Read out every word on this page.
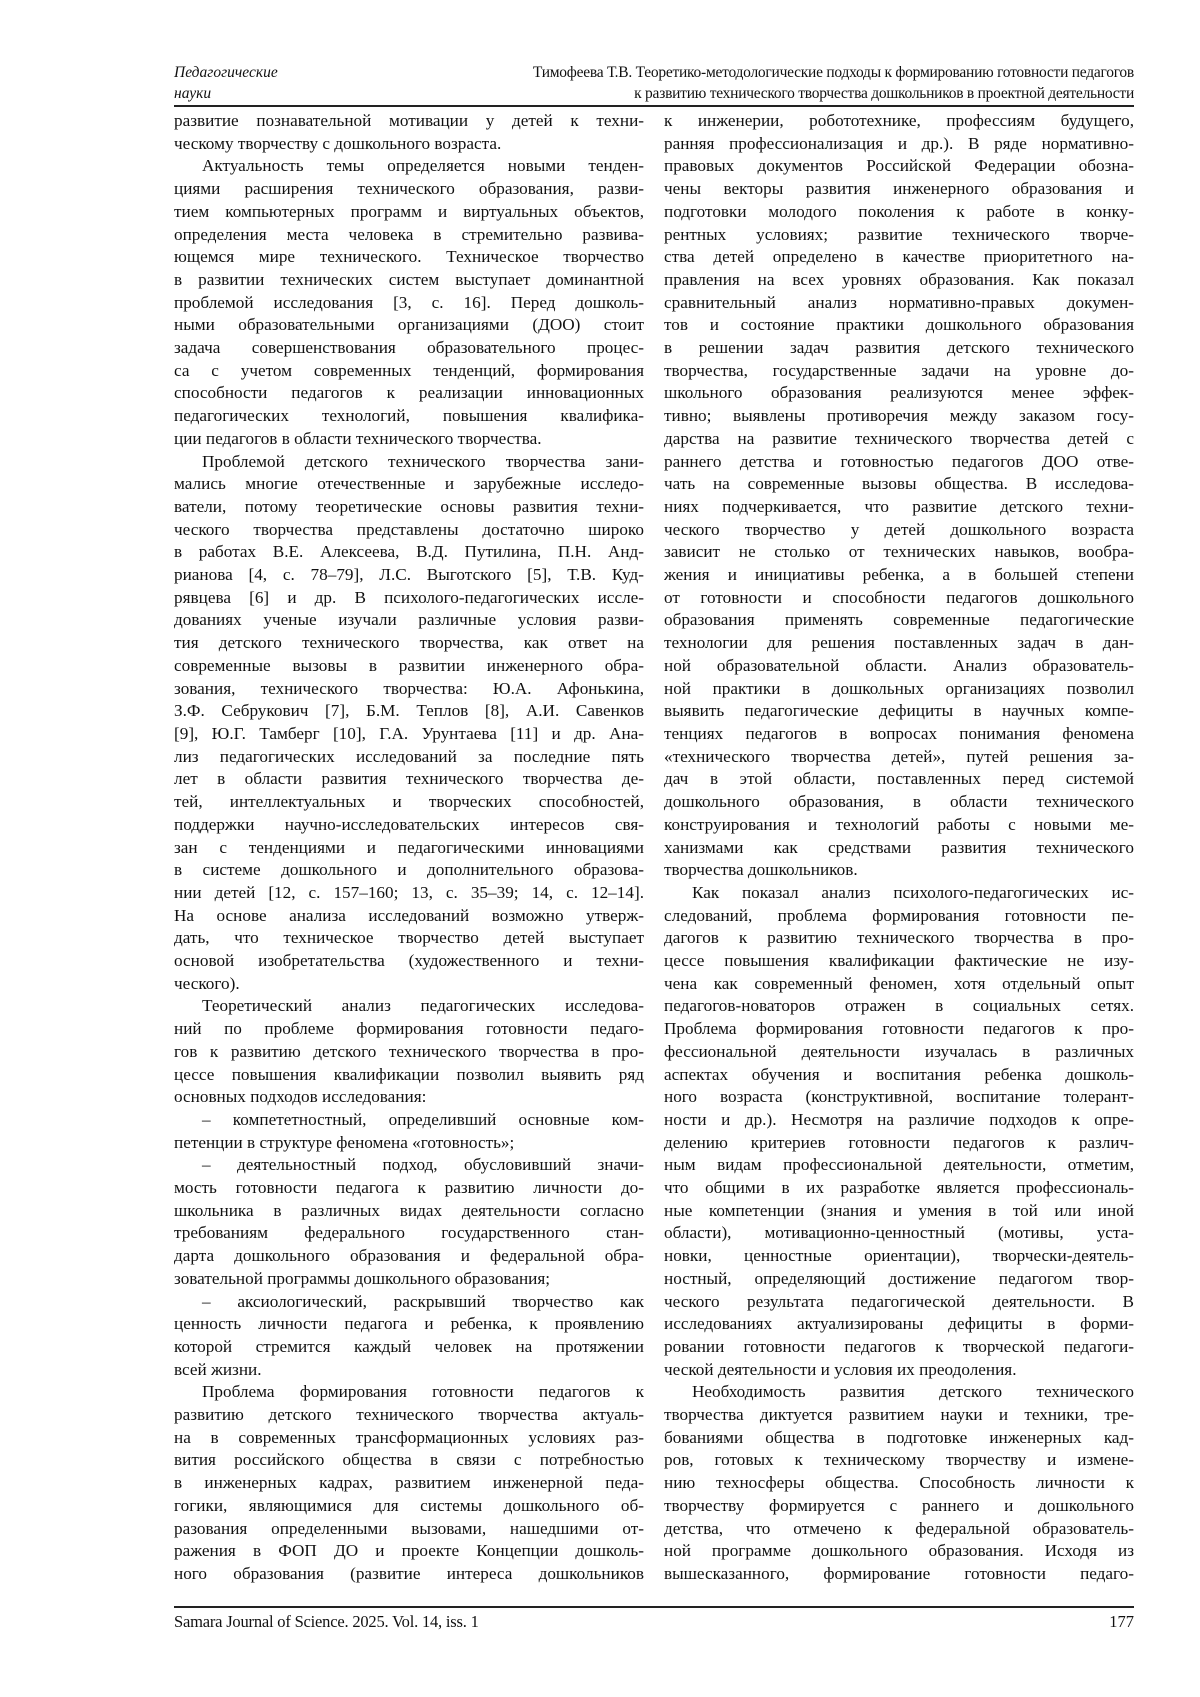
Педагогические
науки
Тимофеева Т.В. Теоретико-методологические подходы к формированию готовности педагогов
к развитию технического творчества дошкольников в проектной деятельности
развитие познавательной мотивации у детей к техни-
ческому творчеству с дошкольного возраста.
Актуальность темы определяется новыми тенден-
циями расширения технического образования, разви-
тием компьютерных программ и виртуальных объектов,
определения места человека в стремительно развива-
ющемся мире технического. Техническое творчество
в развитии технических систем выступает доминантной
проблемой исследования [3, с. 16]. Перед дошколь-
ными образовательными организациями (ДОО) стоит
задача совершенствования образовательного процес-
са с учетом современных тенденций, формирования
способности педагогов к реализации инновационных
педагогических технологий, повышения квалифика-
ции педагогов в области технического творчества.
Проблемой детского технического творчества зани-
мались многие отечественные и зарубежные исследо-
ватели, потому теоретические основы развития техни-
ческого творчества представлены достаточно широко
в работах В.Е. Алексеева, В.Д. Путилина, П.Н. Анд-
рианова [4, с. 78–79], Л.С. Выготского [5], Т.В. Куд-
рявцева [6] и др. В психолого-педагогических иссле-
дованиях ученые изучали различные условия разви-
тия детского технического творчества, как ответ на
современные вызовы в развитии инженерного обра-
зования, технического творчества: Ю.А. Афонькина,
З.Ф. Себрукович [7], Б.М. Теплов [8], А.И. Савенков
[9], Ю.Г. Тамберг [10], Г.А. Урунтаева [11] и др. Ана-
лиз педагогических исследований за последние пять
лет в области развития технического творчества де-
тей, интеллектуальных и творческих способностей,
поддержки научно-исследовательских интересов свя-
зан с тенденциями и педагогическими инновациями
в системе дошкольного и дополнительного образова-
нии детей [12, с. 157–160; 13, с. 35–39; 14, с. 12–14].
На основе анализа исследований возможно утверж-
дать, что техническое творчество детей выступает
основой изобретательства (художественного и техни-
ческого).
Теоретический анализ педагогических исследова-
ний по проблеме формирования готовности педаго-
гов к развитию детского технического творчества в про-
цессе повышения квалификации позволил выявить ряд
основных подходов исследования:
– компететностный, определивший основные ком-
петенции в структуре феномена «готовность»;
– деятельностный подход, обусловивший значи-
мость готовности педагога к развитию личности до-
школьника в различных видах деятельности согласно
требованиям федерального государственного стан-
дарта дошкольного образования и федеральной обра-
зовательной программы дошкольного образования;
– аксиологический, раскрывший творчество как
ценность личности педагога и ребенка, к проявлению
которой стремится каждый человек на протяжении
всей жизни.
Проблема формирования готовности педагогов к
развитию детского технического творчества актуаль-
на в современных трансформационных условиях раз-
вития российского общества в связи с потребностью
в инженерных кадрах, развитием инженерной педа-
гогики, являющимися для системы дошкольного об-
разования определенными вызовами, нашедшими от-
ражения в ФОП ДО и проекте Концепции дошколь-
ного образования (развитие интереса дошкольников
к инженерии, робототехнике, профессиям будущего,
ранняя профессионализация и др.). В ряде нормативно-
правовых документов Российской Федерации обозна-
чены векторы развития инженерного образования и
подготовки молодого поколения к работе в конку-
рентных условиях; развитие технического творче-
ства детей определено в качестве приоритетного на-
правления на всех уровнях образования. Как показал
сравнительный анализ нормативно-правых докумен-
тов и состояние практики дошкольного образования
в решении задач развития детского технического
творчества, государственные задачи на уровне до-
школьного образования реализуются менее эффек-
тивно; выявлены противоречия между заказом госу-
дарства на развитие технического творчества детей с
раннего детства и готовностью педагогов ДОО отве-
чать на современные вызовы общества. В исследова-
ниях подчеркивается, что развитие детского техни-
ческого творчество у детей дошкольного возраста
зависит не столько от технических навыков, вообра-
жения и инициативы ребенка, а в большей степени
от готовности и способности педагогов дошкольного
образования применять современные педагогические
технологии для решения поставленных задач в дан-
ной образовательной области. Анализ образователь-
ной практики в дошкольных организациях позволил
выявить педагогические дефициты в научных компе-
тенциях педагогов в вопросах понимания феномена
«технического творчества детей», путей решения за-
дач в этой области, поставленных перед системой
дошкольного образования, в области технического
конструирования и технологий работы с новыми ме-
ханизмами как средствами развития технического
творчества дошкольников.
Как показал анализ психолого-педагогических ис-
следований, проблема формирования готовности пе-
дагогов к развитию технического творчества в про-
цессе повышения квалификации фактические не изу-
чена как современный феномен, хотя отдельный опыт
педагогов-новаторов отражен в социальных сетях.
Проблема формирования готовности педагогов к про-
фессиональной деятельности изучалась в различных
аспектах обучения и воспитания ребенка дошколь-
ного возраста (конструктивной, воспитание толерант-
ности и др.). Несмотря на различие подходов к опре-
делению критериев готовности педагогов к различ-
ным видам профессиональной деятельности, отметим,
что общими в их разработке является профессиональ-
ные компетенции (знания и умения в той или иной
области), мотивационно-ценностный (мотивы, уста-
новки, ценностные ориентации), творчески-деятель-
ностный, определяющий достижение педагогом твор-
ческого результата педагогической деятельности. В
исследованиях актуализированы дефициты в форми-
ровании готовности педагогов к творческой педагоги-
ческой деятельности и условия их преодоления.
Необходимость развития детского технического
творчества диктуется развитием науки и техники, тре-
бованиями общества в подготовке инженерных кад-
ров, готовых к техническому творчеству и измене-
нию техносферы общества. Способность личности к
творчеству формируется с раннего и дошкольного
детства, что отмечено к федеральной образователь-
ной программе дошкольного образования. Исходя из
вышесказанного, формирование готовности педаго-
Samara Journal of Science. 2025. Vol. 14, iss. 1	177
